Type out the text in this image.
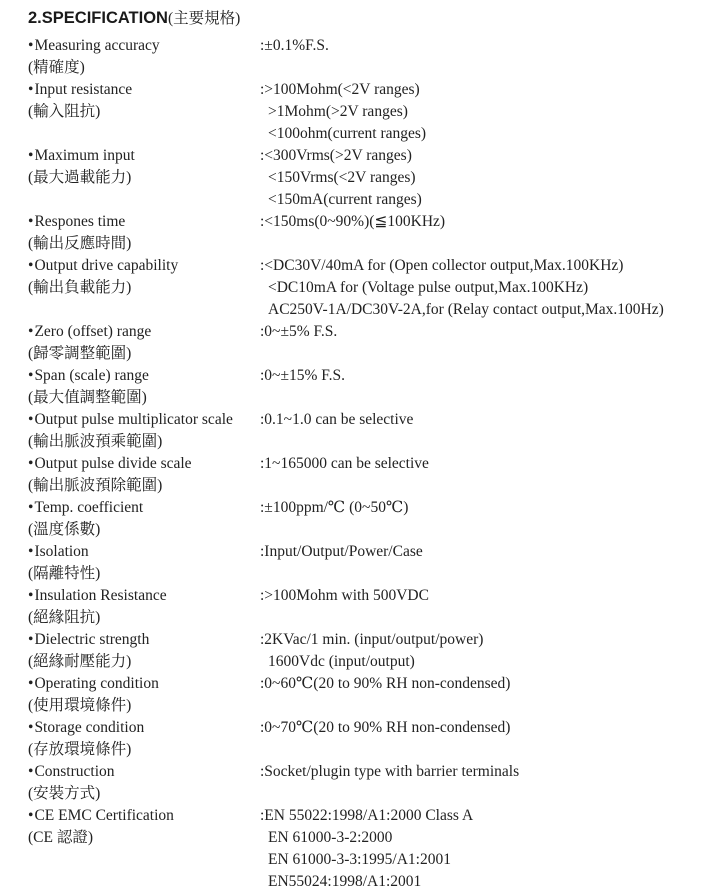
2.SPECIFICATION (主要規格)
•Measuring accuracy
(精確度)
:±0.1%F.S.
•Input resistance
(輸入阻抗)
:>100Mohm(<2V ranges)
>1Mohm(>2V ranges)
<100ohm(current ranges)
•Maximum input
(最大過載能力)
:<300Vrms(>2V ranges)
<150Vrms(<2V ranges)
<150mA(current ranges)
•Respones time
(輸出反應時間)
:<150ms(0~90%)(≦100KHz)
•Output drive capability
(輸出負載能力)
:<DC30V/40mA for (Open collector output,Max.100KHz)
<DC10mA for (Voltage pulse output,Max.100KHz)
AC250V-1A/DC30V-2A,for (Relay contact output,Max.100Hz)
•Zero (offset) range
(歸零調整範圍)
:0~±5% F.S.
•Span (scale) range
(最大值調整範圍)
:0~±15% F.S.
•Output pulse multiplicator scale
(輸出脈波預乘範圍)
:0.1~1.0 can be selective
•Output pulse divide scale
(輸出脈波預除範圍)
:1~165000 can be selective
•Temp. coefficient
(溫度係數)
:±100ppm/℃ (0~50℃)
•Isolation
(隔離特性)
:Input/Output/Power/Case
•Insulation Resistance
(絕緣阻抗)
:>100Mohm with 500VDC
•Dielectric strength
(絕緣耐壓能力)
:2KVac/1 min. (input/output/power)
1600Vdc (input/output)
•Operating condition
(使用環境條件)
:0~60℃(20 to 90% RH non-condensed)
•Storage condition
(存放環境條件)
:0~70℃(20 to 90% RH non-condensed)
•Construction
(安裝方式)
:Socket/plugin type with barrier terminals
•CE EMC Certification
(CE 認證)
:EN 55022:1998/A1:2000 Class A
EN 61000-3-2:2000
EN 61000-3-3:1995/A1:2001
EN55024:1998/A1:2001
